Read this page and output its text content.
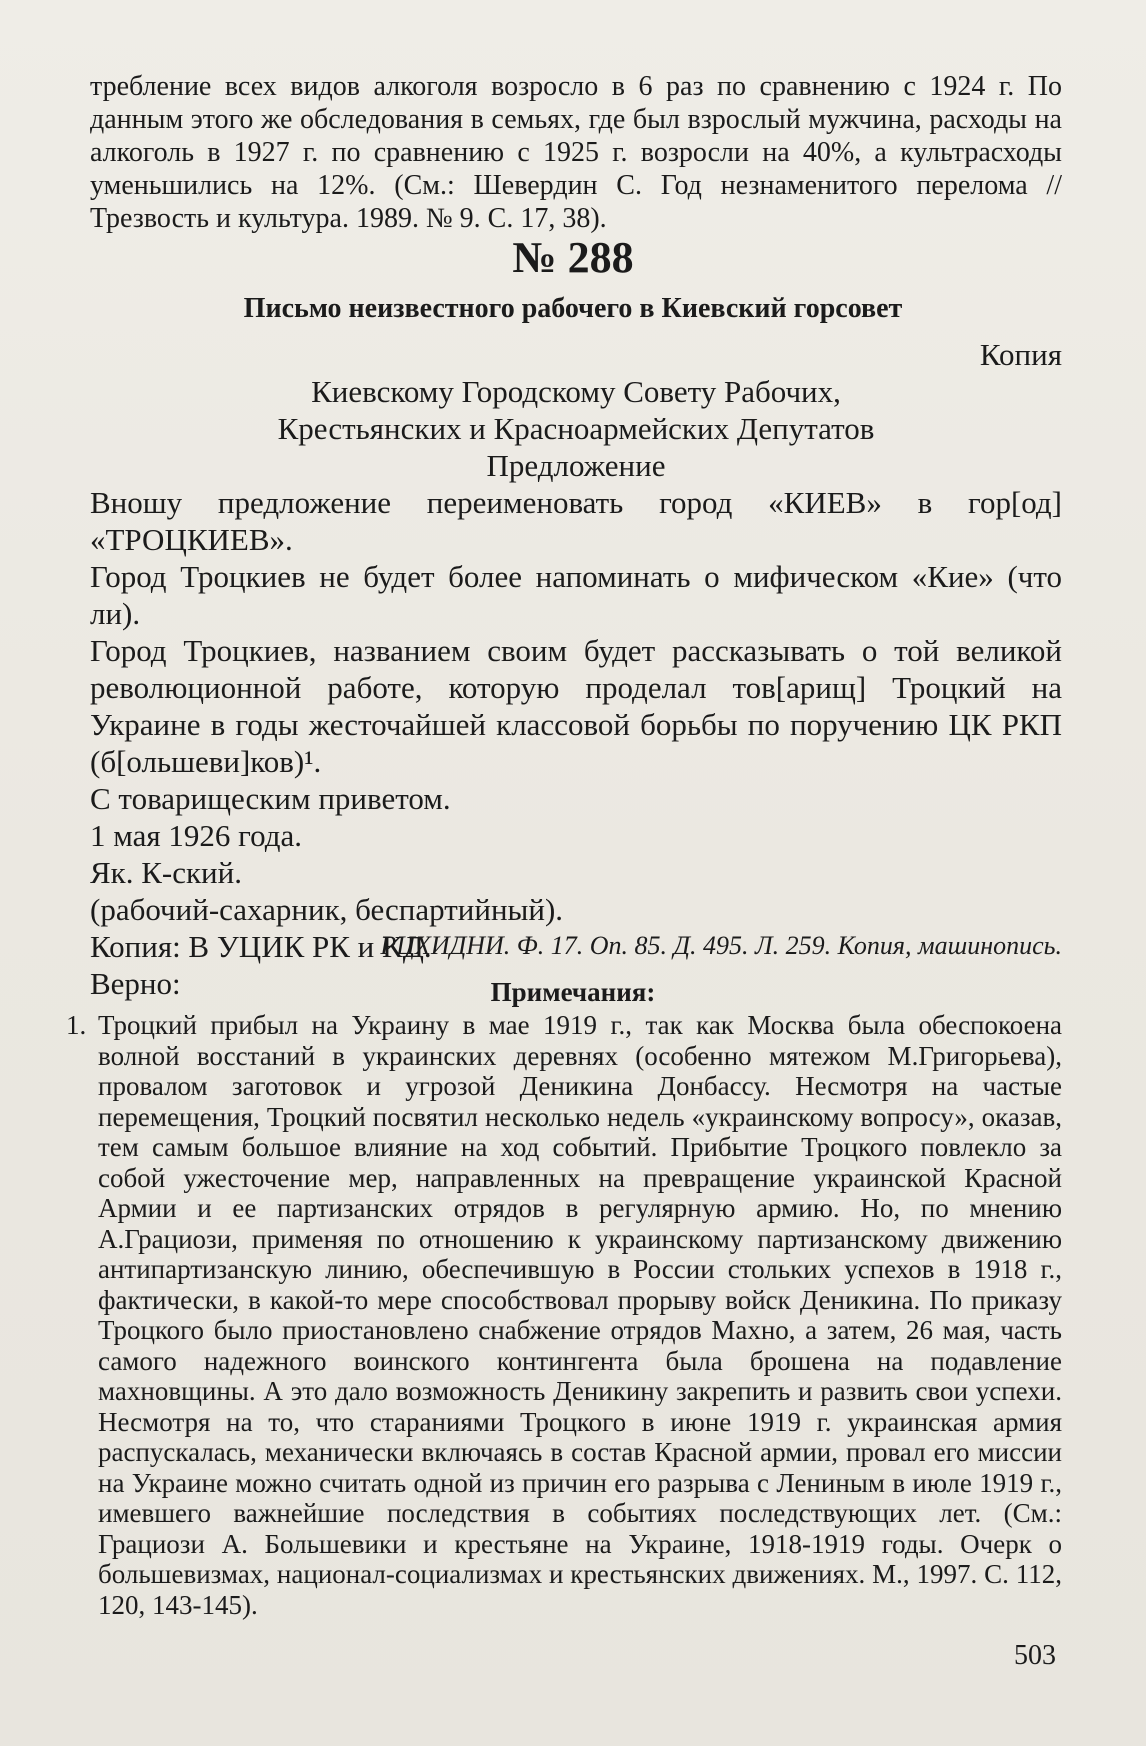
требление всех видов алкоголя возросло в 6 раз по сравнению с 1924 г. По данным этого же обследования в семьях, где был взрослый мужчина, расходы на алкоголь в 1927 г. по сравнению с 1925 г. возросли на 40%, а культрасходы уменьшились на 12%. (См.: Шевердин С. Год незнаменитого перелома // Трезвость и культура. 1989. № 9. С. 17, 38).

№ 288
Письмо неизвестного рабочего в Киевский горсовет

Копия

Киевскому Городскому Совету Рабочих,

Крестьянских и Красноармейских Депутатов

Предложение

Вношу предложение переименовать город «КИЕВ» в гор[од] «ТРОЦКИЕВ».

Город Троцкиев не будет более напоминать о мифическом «Кие» (что ли).

Город Троцкиев, названием своим будет рассказывать о той великой революционной работе, которую проделал тов[арищ] Троцкий на Украине в годы жесточайшей классовой борьбы по поручению ЦК РКП (б[ольшеви]ков)¹.

С товарищеским приветом.

1 мая 1926 года.

Як. К-ский.

(рабочий-сахарник, беспартийный).

Копия: В УЦИК РК и КД.

Верно:

РЦХИДНИ. Ф. 17. Оп. 85. Д. 495. Л. 259. Копия, машинопись.
Примечания:
1. Троцкий прибыл на Украину в мае 1919 г., так как Москва была обеспокоена волной восстаний в украинских деревнях (особенно мятежом М.Григорьева), провалом заготовок и угрозой Деникина Донбассу. Несмотря на частые перемещения, Троцкий посвятил несколько недель «украинскому вопросу», оказав, тем самым большое влияние на ход событий. Прибытие Троцкого повлекло за собой ужесточение мер, направленных на превращение украинской Красной Армии и ее партизанских отрядов в регулярную армию. Но, по мнению А.Грациози, применяя по отношению к украинскому партизанскому движению антипартизанскую линию, обеспечившую в России стольких успехов в 1918 г., фактически, в какой-то мере способствовал прорыву войск Деникина. По приказу Троцкого было приостановлено снабжение отрядов Махно, а затем, 26 мая, часть самого надежного воинского контингента была брошена на подавление махновщины. А это дало возможность Деникину закрепить и развить свои успехи. Несмотря на то, что стараниями Троцкого в июне 1919 г. украинская армия распускалась, механически включаясь в состав Красной армии, провал его миссии на Украине можно считать одной из причин его разрыва с Лениным в июле 1919 г., имевшего важнейшие последствия в событиях последствующих лет. (См.: Грациози А. Большевики и крестьяне на Украине, 1918-1919 годы. Очерк о большевизмах, национал-социализмах и крестьянских движениях. М., 1997. С. 112, 120, 143-145).
503
